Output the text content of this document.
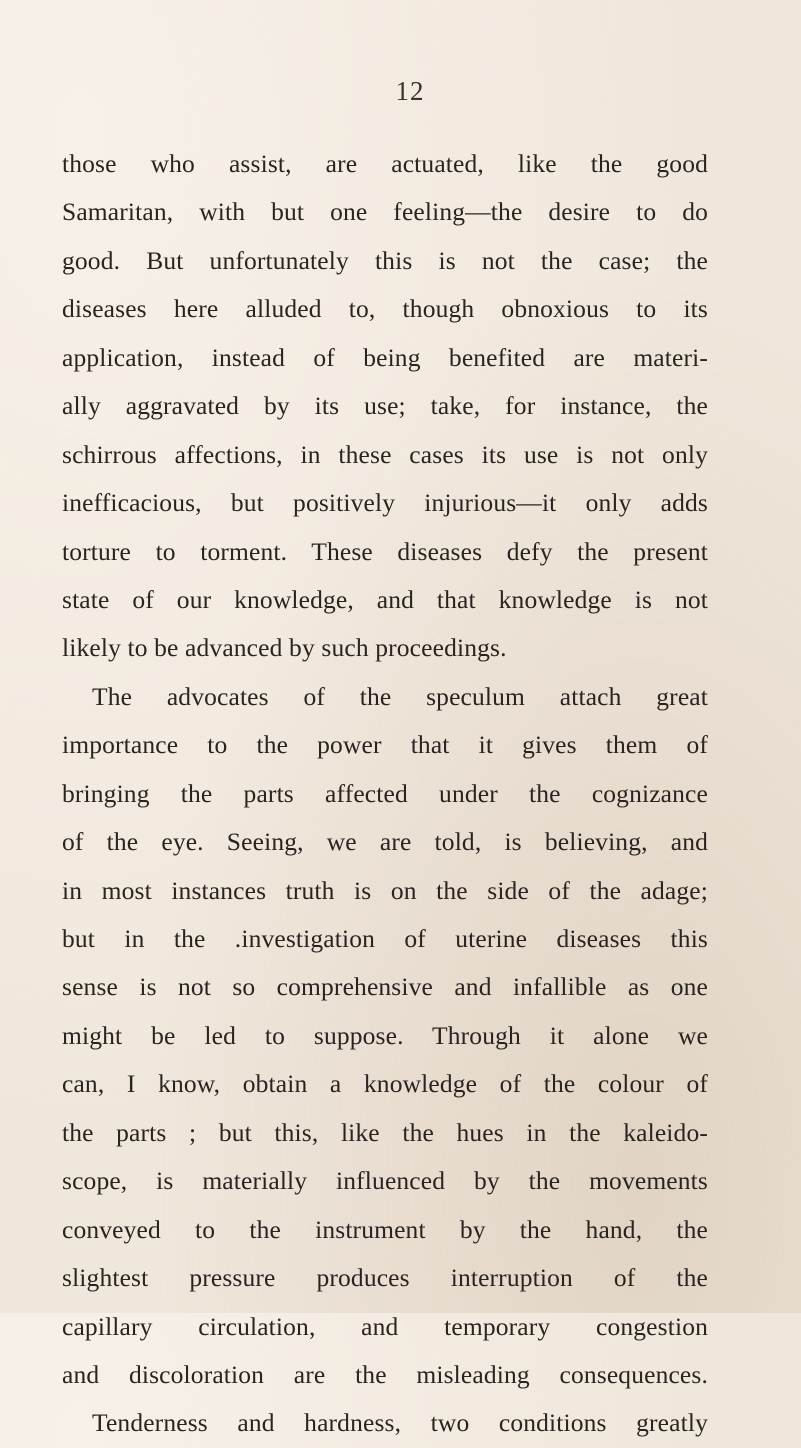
12
those who assist, are actuated, like the good
Samaritan, with but one feeling—the desire to do
good. But unfortunately this is not the case; the
diseases here alluded to, though obnoxious to its
application, instead of being benefited are materi-
ally aggravated by its use; take, for instance, the
schirrous affections, in these cases its use is not only
inefficacious, but positively injurious—it only adds
torture to torment. These diseases defy the present
state of our knowledge, and that knowledge is not
likely to be advanced by such proceedings.
The advocates of the speculum attach great
importance to the power that it gives them of
bringing the parts affected under the cognizance
of the eye. Seeing, we are told, is believing, and
in most instances truth is on the side of the adage;
but in the .investigation of uterine diseases this
sense is not so comprehensive and infallible as one
might be led to suppose. Through it alone we
can, I know, obtain a knowledge of the colour of
the parts ; but this, like the hues in the kaleido-
scope, is materially influenced by the movements
conveyed to the instrument by the hand, the
slightest pressure produces interruption of the
capillary circulation, and temporary congestion
and discoloration are the misleading consequences.
Tenderness and hardness, two conditions greatly
